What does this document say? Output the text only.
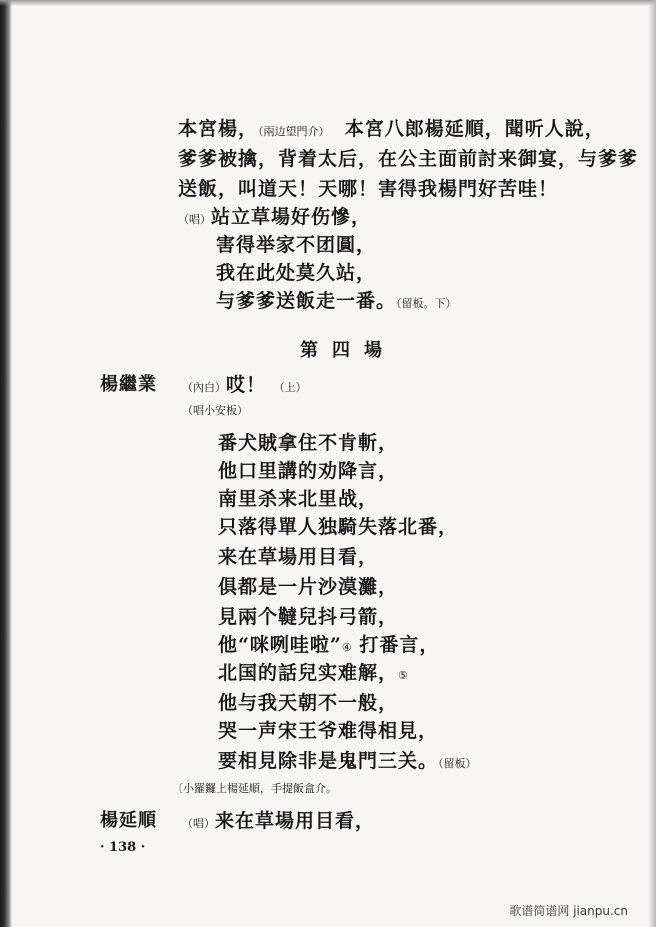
本宮楊，（兩边望門介） 本宮八郎楊延順，聞听人說，
爹爹被擒，背着太后，在公主面前討来御宴，与爹爹
送飯，叫道天！天哪！害得我楊門好苦哇！
（唱）站立草場好伤慘，
害得举家不团圓，
我在此处莫久站，
与爹爹送飯走一番。（留板。下）
第四場
楊繼業 （內白）哎！ （上）
（唱小安板）
番犬賊拿住不肯斬，
他口里講的劝降言，
南里杀来北里战，
只落得單人独騎失落北番，
来在草場用目看，
俱都是一片沙漠灘，
見兩个韃兒抖弓箭，
他“咪咧哇啦”④ 打番言，
北国的話兒实难解，⑤
他与我天朝不一般，
哭一声宋王爷难得相見，
要相見除非是鬼門三关。（留板）
〔小羅鑼上楊延順，手提飯盒介。
楊延順 （唱）来在草場用目看，
· 138 ·
歌谱简谱网 jianpu.cn
